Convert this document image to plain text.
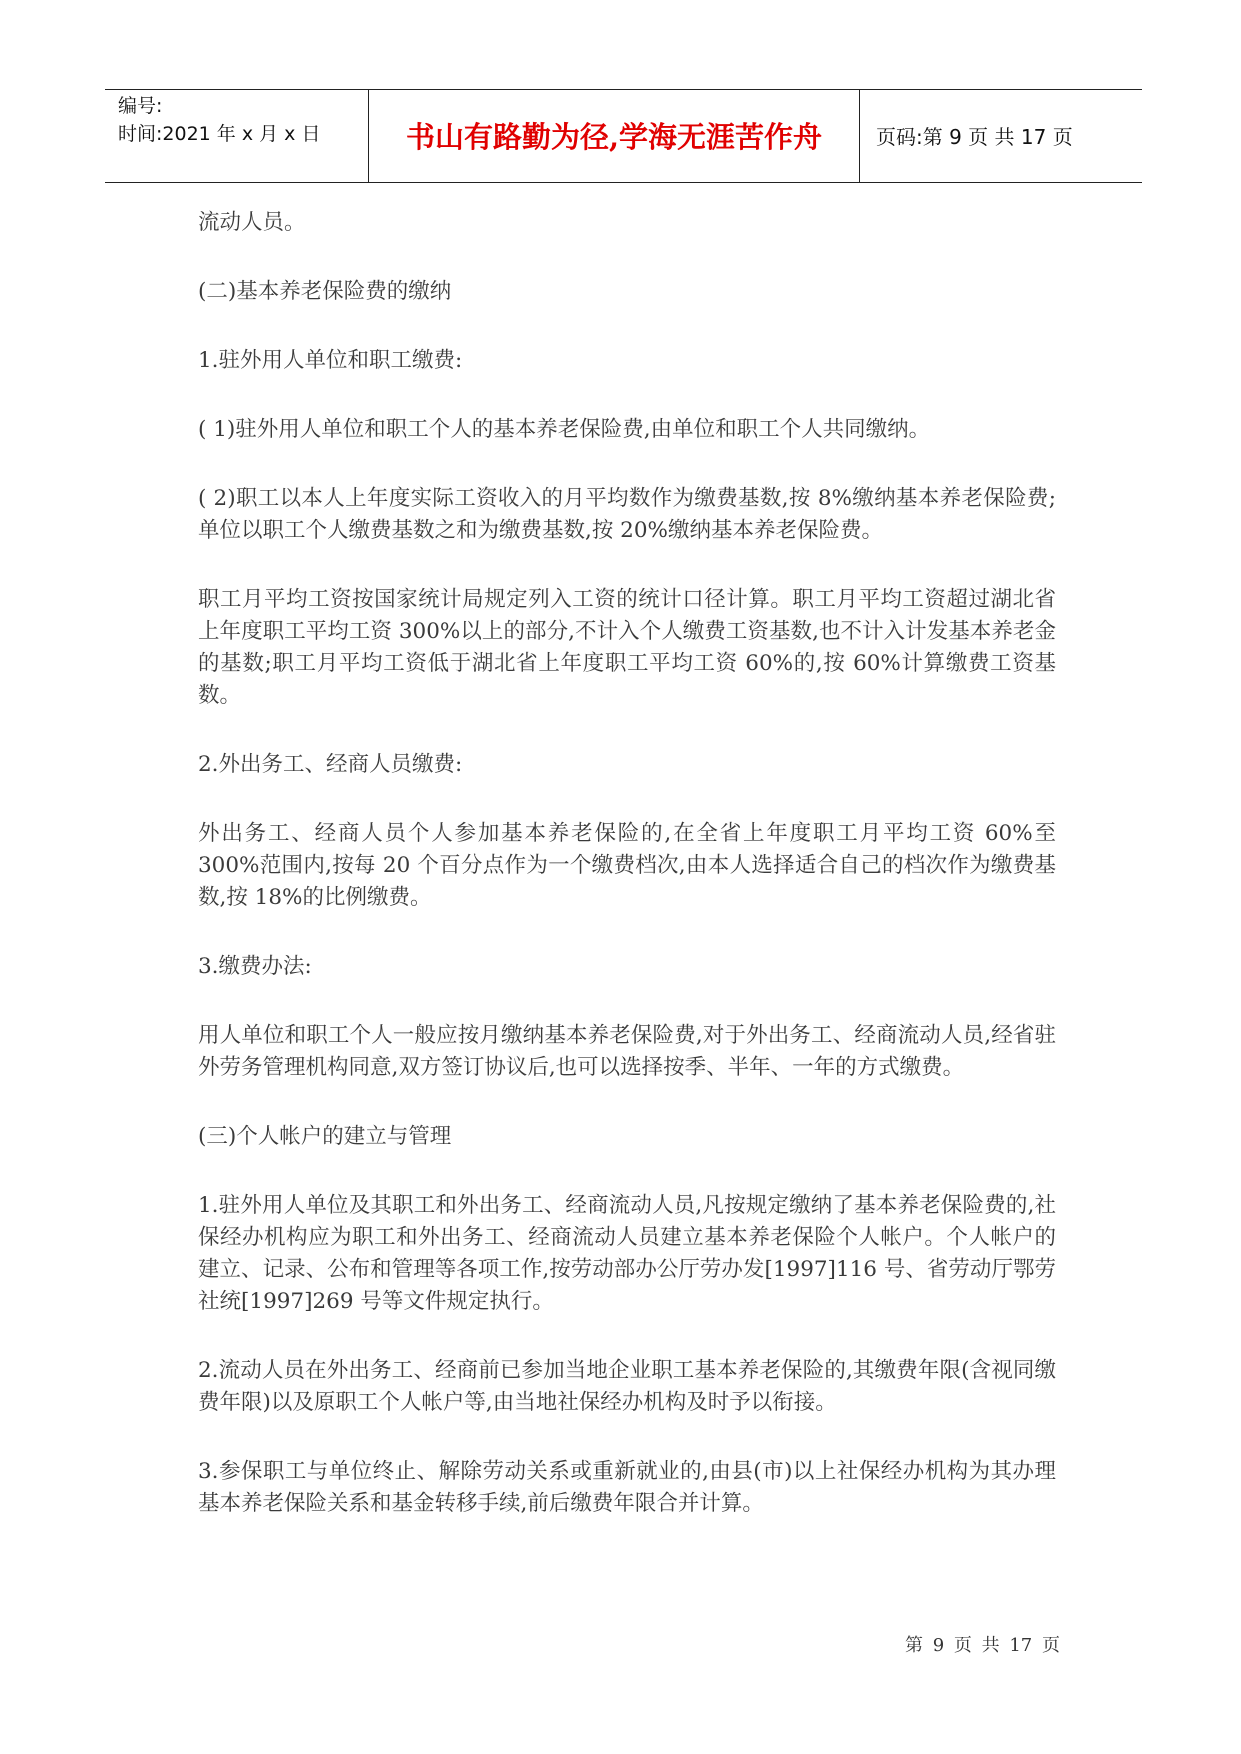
编号:
时间:2021 年 x 月 x 日	书山有路勤为径,学海无涯苦作舟	页码:第 9 页 共 17 页

流动人员。

(二)基本养老保险费的缴纳

1.驻外用人单位和职工缴费:

( 1)驻外用人单位和职工个人的基本养老保险费,由单位和职工个人共同缴纳。

( 2)职工以本人上年度实际工资收入的月平均数作为缴费基数,按 8%缴纳基本养老保险费;单位以职工个人缴费基数之和为缴费基数,按 20%缴纳基本养老保险费。

职工月平均工资按国家统计局规定列入工资的统计口径计算。职工月平均工资超过湖北省上年度职工平均工资 300%以上的部分,不计入个人缴费工资基数,也不计入计发基本养老金的基数;职工月平均工资低于湖北省上年度职工平均工资 60%的,按 60%计算缴费工资基数。

2.外出务工、经商人员缴费:

外出务工、经商人员个人参加基本养老保险的,在全省上年度职工月平均工资 60%至 300%范围内,按每 20 个百分点作为一个缴费档次,由本人选择适合自己的档次作为缴费基数,按 18%的比例缴费。

3.缴费办法:

用人单位和职工个人一般应按月缴纳基本养老保险费,对于外出务工、经商流动人员,经省驻外劳务管理机构同意,双方签订协议后,也可以选择按季、半年、一年的方式缴费。

(三)个人帐户的建立与管理

1.驻外用人单位及其职工和外出务工、经商流动人员,凡按规定缴纳了基本养老保险费的,社保经办机构应为职工和外出务工、经商流动人员建立基本养老保险个人帐户。个人帐户的建立、记录、公布和管理等各项工作,按劳动部办公厅劳办发[1997]116 号、省劳动厅鄂劳社统[1997]269 号等文件规定执行。

2.流动人员在外出务工、经商前已参加当地企业职工基本养老保险的,其缴费年限(含视同缴费年限)以及原职工个人帐户等,由当地社保经办机构及时予以衔接。

3.参保职工与单位终止、解除劳动关系或重新就业的,由县(市)以上社保经办机构为其办理基本养老保险关系和基金转移手续,前后缴费年限合并计算。

第 9 页 共 17 页
